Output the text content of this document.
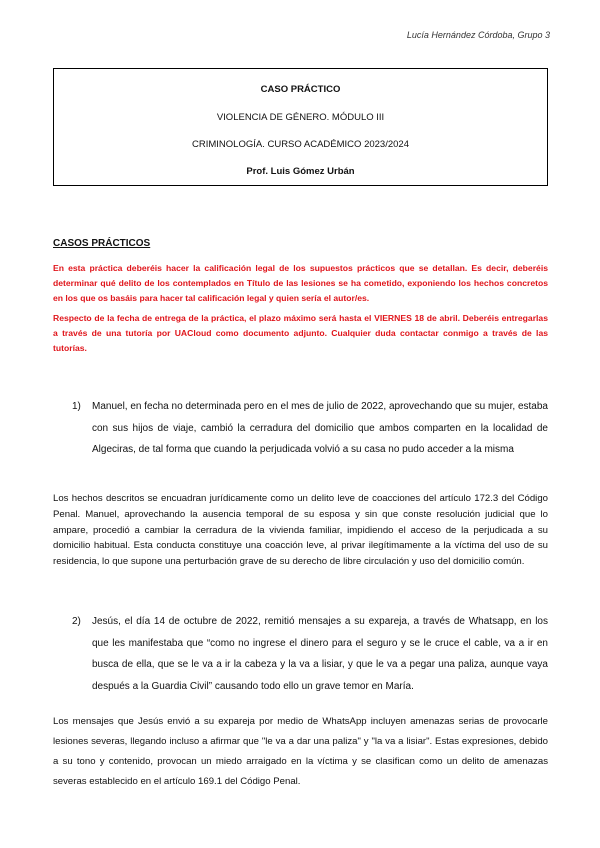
Lucía Hernández Córdoba, Grupo 3
CASO PRÁCTICO
VIOLENCIA DE GÉNERO. MÓDULO III
CRIMINOLOGÍA. CURSO ACADÉMICO 2023/2024
Prof. Luis Gómez Urbán
CASOS PRÁCTICOS
En esta práctica deberéis hacer la calificación legal de los supuestos prácticos que se detallan. Es decir, deberéis determinar qué delito de los contemplados en Título de las lesiones se ha cometido, exponiendo los hechos concretos en los que os basáis para hacer tal calificación legal y quien sería el autor/es.
Respecto de la fecha de entrega de la práctica, el plazo máximo será hasta el VIERNES 18 de abril. Deberéis entregarlas a través de una tutoría por UACloud como documento adjunto. Cualquier duda contactar conmigo a través de las tutorías.
1) Manuel, en fecha no determinada pero en el mes de julio de 2022, aprovechando que su mujer, estaba con sus hijos de viaje, cambió la cerradura del domicilio que ambos comparten en la localidad de Algeciras, de tal forma que cuando la perjudicada volvió a su casa no pudo acceder a la misma
Los hechos descritos se encuadran jurídicamente como un delito leve de coacciones del artículo 172.3 del Código Penal. Manuel, aprovechando la ausencia temporal de su esposa y sin que conste resolución judicial que lo ampare, procedió a cambiar la cerradura de la vivienda familiar, impidiendo el acceso de la perjudicada a su domicilio habitual. Esta conducta constituye una coacción leve, al privar ilegítimamente a la víctima del uso de su residencia, lo que supone una perturbación grave de su derecho de libre circulación y uso del domicilio común.
2) Jesús, el día 14 de octubre de 2022, remitió mensajes a su expareja, a través de Whatsapp, en los que les manifestaba que “como no ingrese el dinero para el seguro y se le cruce el cable, va a ir en busca de ella, que se le va a ir la cabeza y la va a lisiar, y que le va a pegar una paliza, aunque vaya después a la Guardia Civil” causando todo ello un grave temor en María.
Los mensajes que Jesús envió a su expareja por medio de WhatsApp incluyen amenazas serias de provocarle lesiones severas, llegando incluso a afirmar que "le va a dar una paliza" y "la va a lisiar". Estas expresiones, debido a su tono y contenido, provocan un miedo arraigado en la víctima y se clasifican como un delito de amenazas severas establecido en el artículo 169.1 del Código Penal.
